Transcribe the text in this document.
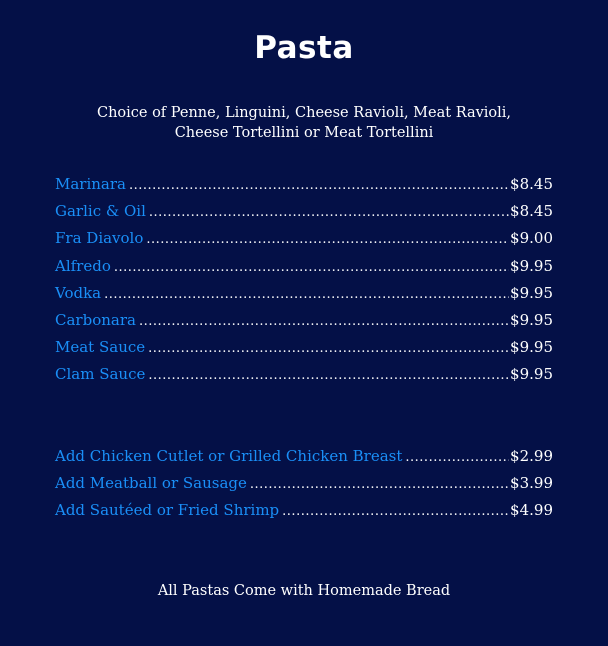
Pasta
Choice of Penne, Linguini, Cheese Ravioli, Meat Ravioli,
Cheese Tortellini or Meat Tortellini
Marinara .....	$8.45
Garlic & Oil .....	$8.45
Fra Diavolo .....	$9.00
Alfredo .....	$9.95
Vodka .....	$9.95
Carbonara .....	$9.95
Meat Sauce .....	$9.95
Clam Sauce .....	$9.95
Add Chicken Cutlet or Grilled Chicken Breast .....	$2.99
Add Meatball or Sausage .....	$3.99
Add Sautéed or Fried Shrimp .....	$4.99
All Pastas Come with Homemade Bread
